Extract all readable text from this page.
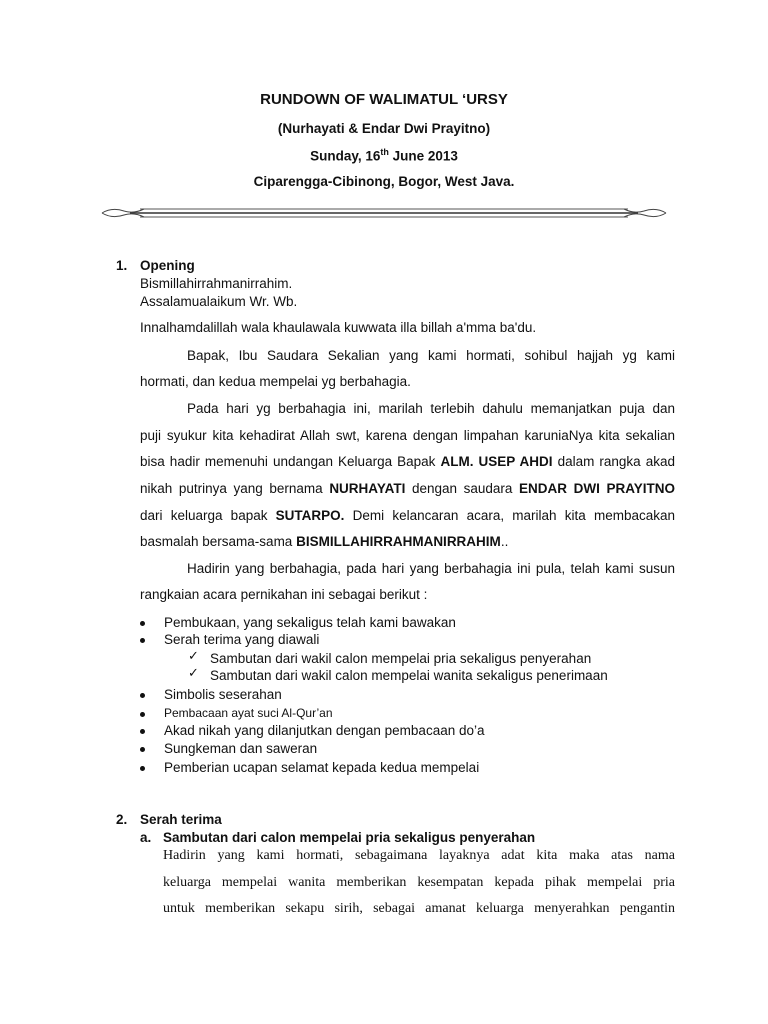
RUNDOWN OF WALIMATUL ‘URSY
(Nurhayati & Endar Dwi Prayitno)
Sunday, 16th June 2013
Ciparengga-Cibinong, Bogor, West Java.
1. Opening
Bismillahirrahmanirrahim.
Assalamualaikum Wr. Wb.
Innalhamdalillah wala khaulawala kuwwata illa billah a'mma ba'du.
Bapak, Ibu Saudara Sekalian yang kami hormati, sohibul hajjah yg kami
hormati, dan kedua mempelai yg berbahagia.
Pada hari yg berbahagia ini, marilah terlebih dahulu memanjatkan puja dan
puji syukur kita kehadirat Allah swt, karena dengan limpahan karuniaNya kita sekalian
bisa hadir memenuhi undangan Keluarga Bapak ALM. USEP AHDI dalam rangka akad
nikah putrinya yang bernama NURHAYATI dengan saudara ENDAR DWI PRAYITNO
dari keluarga bapak SUTARPO. Demi kelancaran acara, marilah kita membacakan
basmalah bersama-sama BISMILLAHIRRAHMANIRRAHIM..
Hadirin yang berbahagia, pada hari yang berbahagia ini pula, telah kami susun
rangkaian acara pernikahan ini sebagai berikut :
Pembukaan, yang sekaligus telah kami bawakan
Serah terima yang diawali
✓ Sambutan dari wakil calon mempelai pria sekaligus penyerahan
✓ Sambutan dari wakil calon mempelai wanita sekaligus penerimaan
Simbolis seserahan
Pembacaan ayat suci Al-Qur’an
Akad nikah yang dilanjutkan dengan pembacaan do’a
Sungkeman dan saweran
Pemberian ucapan selamat kepada kedua mempelai
2. Serah terima
a. Sambutan dari calon mempelai pria sekaligus penyerahan
Hadirin yang kami hormati, sebagaimana layaknya adat kita maka atas nama
keluarga mempelai wanita memberikan kesempatan kepada pihak mempelai pria
untuk memberikan sekapu sirih, sebagai amanat keluarga menyerahkan pengantin
